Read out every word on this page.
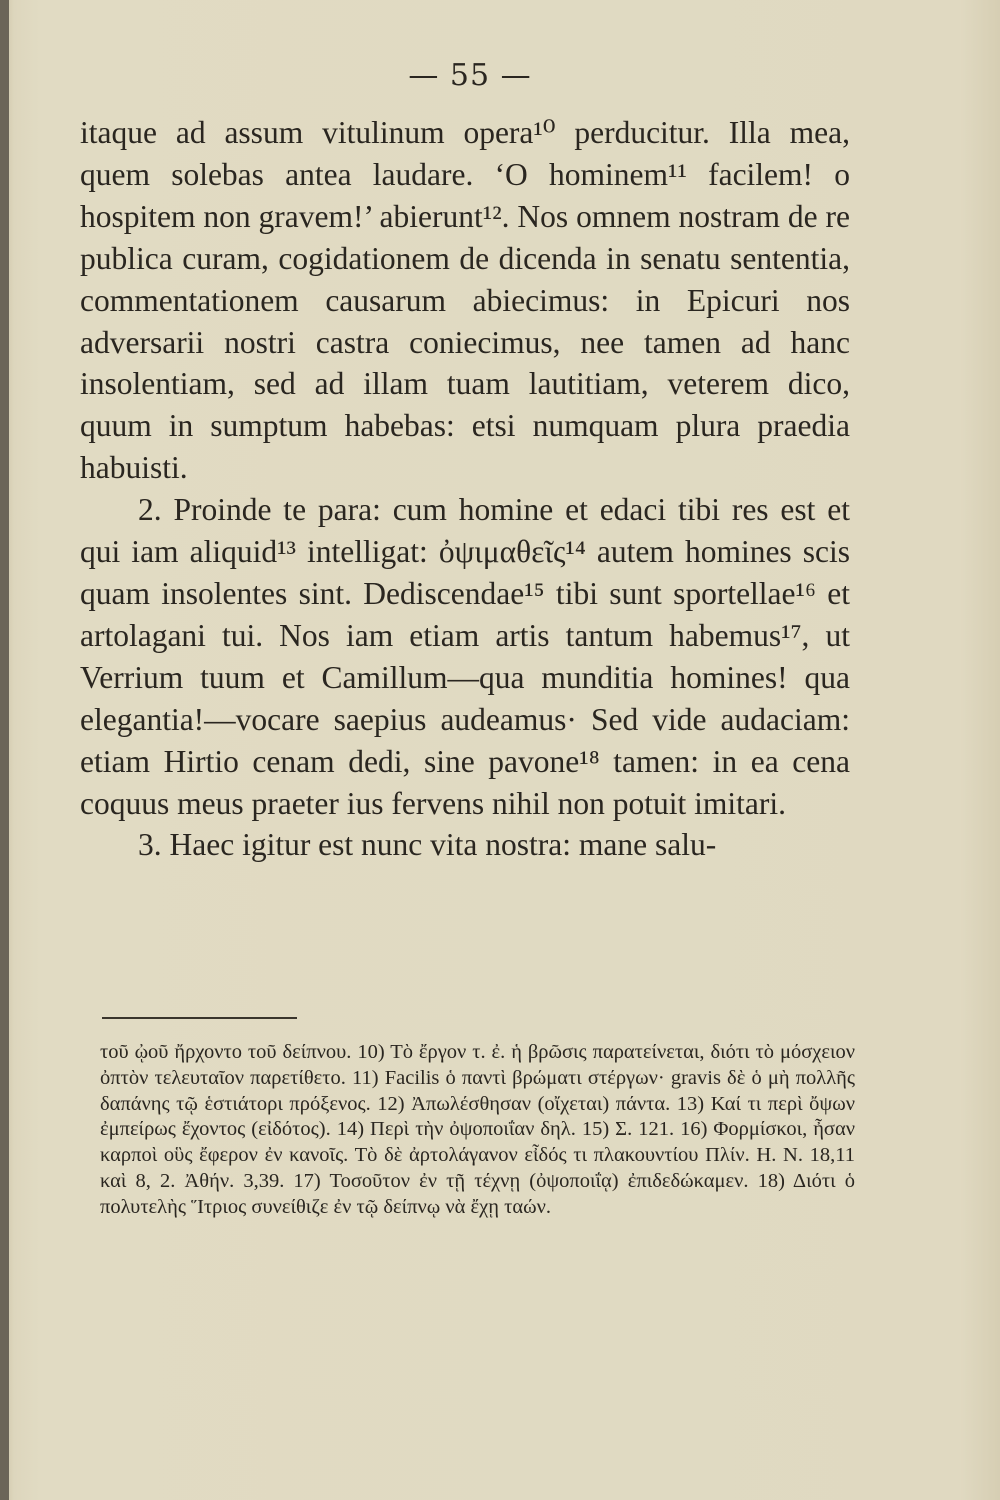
— 55 —

itaque ad assum vitulinum opera¹⁰ perducitur. Illa mea, quem solebas antea laudare. ‘O hominem¹¹ facilem! o hospitem non gravem!’ abierunt¹². Nos omnem nostram de re publica curam, cogidationem de dicenda in senatu sententia, commentationem causarum abiecimus: in Epicuri nos adversarii nostri castra coniecimus, nee tamen ad hanc insolentiam, sed ad illam tuam lautitiam, veterem dico, quum in sumptum habebas: etsi numquam plura praedia habuisti.

2. Proinde te para: cum homine et edaci tibi res est et qui iam aliquid¹³ intelligat: ὀψιμαθεῖς¹⁴ autem homines scis quam insolentes sint. Dediscendae¹⁵ tibi sunt sportellae¹⁶ et artolagani tui. Nos iam etiam artis tantum habemus¹⁷, ut Verrium tuum et Camillum—qua munditia homines! qua elegantia!—vocare saepius audeamus· Sed vide audaciam: etiam Hirtio cenam dedi, sine pavone¹⁸ tamen: in ea cena coquus meus praeter ius fervens nihil non potuit imitari.

3. Haec igitur est nunc vita nostra: mane salu-

τοῦ ᾠοῦ ἤρχοντο τοῦ δείπνου. 10) Τὸ ἔργον τ. ἐ. ἡ βρῶσις παρατείνεται, διότι τὸ μόσχειον ὀπτὸν τελευταῖον παρετίθετο. 11) Facilis ὁ παντὶ βρώματι στέργων· gravis δὲ ὁ μὴ πολλῆς δαπάνης τῷ ἑστιάτορι πρόξενος. 12) Ἀπωλέσθησαν (οἴχεται) πάντα. 13) Καί τι περὶ ὄψων ἐμπείρως ἔχοντος (εἰδότος). 14) Περὶ τὴν ὀψοποιΐαν δηλ. 15) Σ. 121. 16) Φορμίσκοι, ἦσαν καρποὶ οὓς ἔφερον ἐν κανοῖς. Τὸ δὲ ἀρτολάγανον εἶδός τι πλακουντίου Πλίν. Η. Ν. 18,11 καὶ 8, 2. Ἀθήν. 3,39. 17) Τοσοῦτον ἐν τῇ τέχνῃ (ὀψοποιΐᾳ) ἐπιδεδώκαμεν. 18) Διότι ὁ πολυτελὴς Ἵτριος συνείθιζε ἐν τῷ δείπνῳ νὰ ἔχῃ ταών.
